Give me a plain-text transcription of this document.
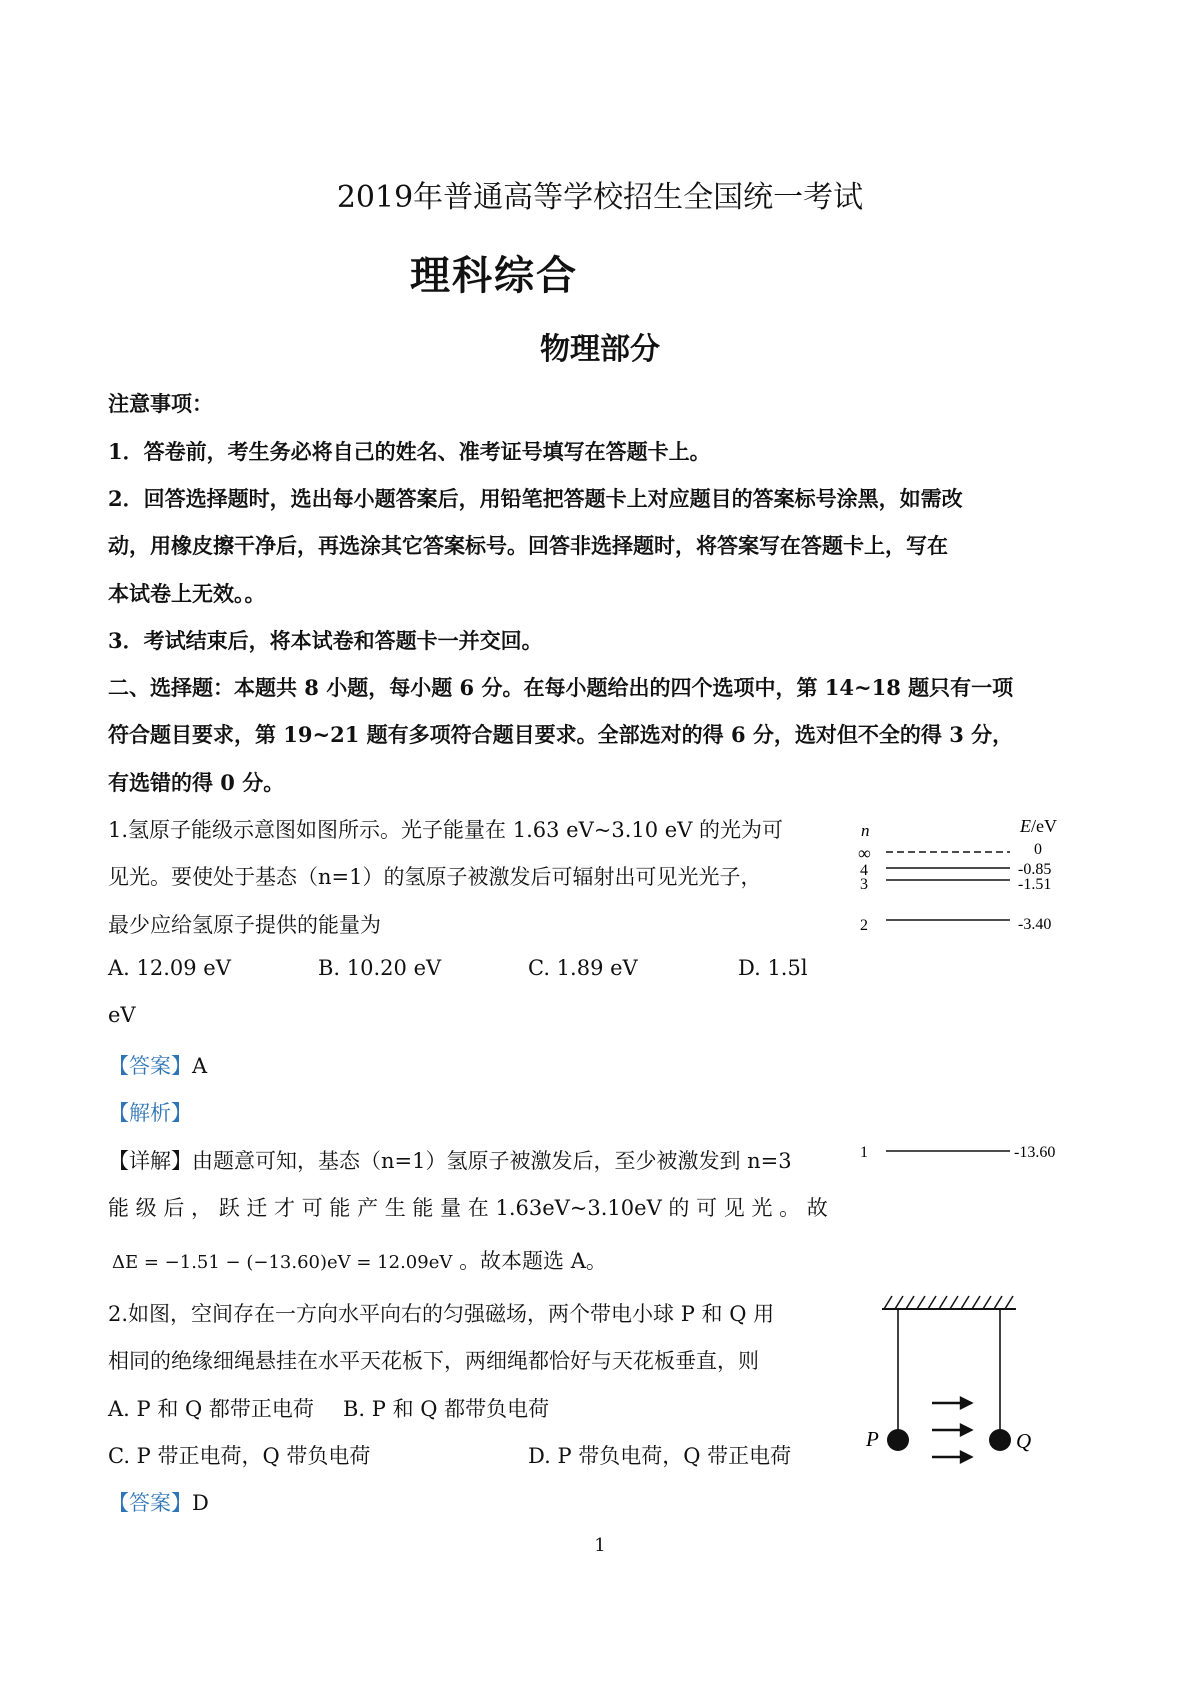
2019年普通高等学校招生全国统一考试
理科综合
物理部分
注意事项：
1．答卷前，考生务必将自己的姓名、准考证号填写在答题卡上。
2．回答选择题时，选出每小题答案后，用铅笔把答题卡上对应题目的答案标号涂黑，如需改
动，用橡皮擦干净后，再选涂其它答案标号。回答非选择题时，将答案写在答题卡上，写在
本试卷上无效。。
3．考试结束后，将本试卷和答题卡一并交回。
二、选择题：本题共 8 小题，每小题 6 分。在每小题给出的四个选项中，第 14~18 题只有一项
符合题目要求，第 19~21 题有多项符合题目要求。全部选对的得 6 分，选对但不全的得 3 分，
有选错的得 0 分。
1.氢原子能级示意图如图所示。光子能量在 1.63 eV~3.10 eV 的光为可
见光。要使处于基态（n=1）的氢原子被激发后可辐射出可见光光子，
最少应给氢原子提供的能量为
A. 12.09 eV	B. 10.20 eV	C. 1.89 eV	D. 1.5l
eV
【答案】A
【解析】
【详解】由题意可知，基态（n=1）氢原子被激发后，至少被激发到 n=3
能 级 后 ， 跃 迁 才 可 能 产 生 能 量 在 1.63eV~3.10eV 的 可 见 光 。 故
ΔE = −1.51 − (−13.60)eV = 12.09eV 。故本题选 A。
n	E/eV
∞	0
4	-0.85
3	-1.51
2	-3.40
1	-13.60
2.如图，空间存在一方向水平向右的匀强磁场，两个带电小球 P 和 Q 用
相同的绝缘细绳悬挂在水平天花板下，两细绳都恰好与天花板垂直，则
A. P 和 Q 都带正电荷 B. P 和 Q 都带负电荷
C. P 带正电荷，Q 带负电荷	D. P 带负电荷，Q 带正电荷
【答案】D
P	Q
1
